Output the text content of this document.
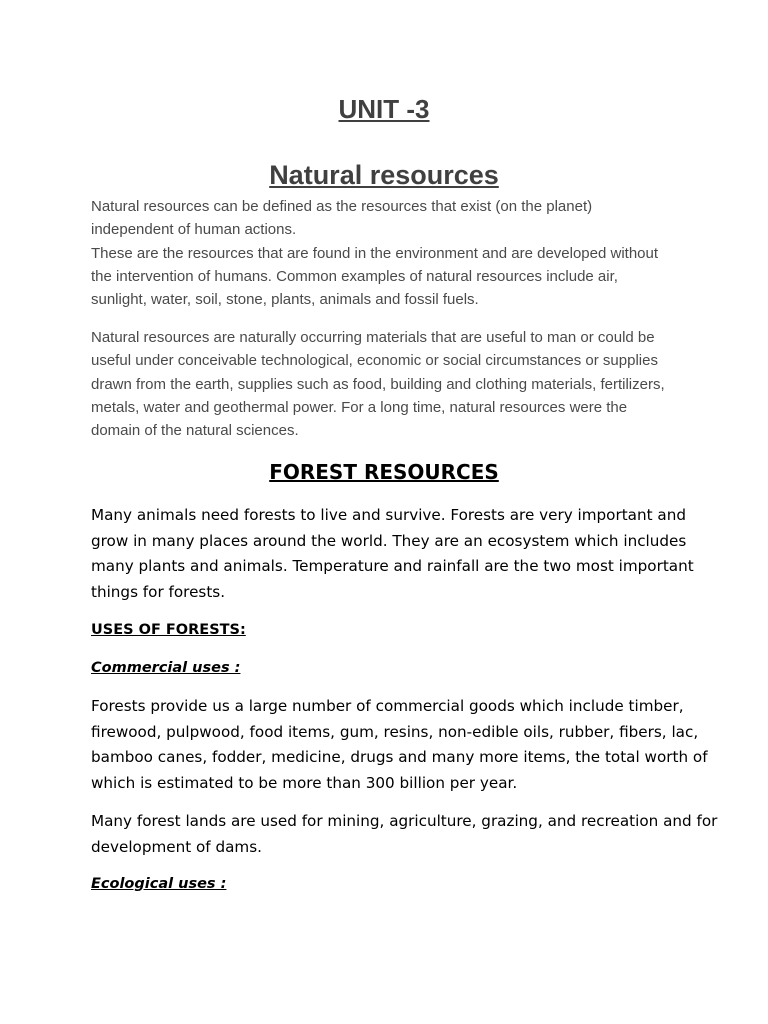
UNIT -3
Natural resources

Natural resources can be defined as the resources that exist (on the planet)
independent of human actions.
These are the resources that are found in the environment and are developed without
the intervention of humans. Common examples of natural resources include air,
sunlight, water, soil, stone, plants, animals and fossil fuels.

Natural resources are naturally occurring materials that are useful to man or could be
useful under conceivable technological, economic or social circumstances or supplies
drawn from the earth, supplies such as food, building and clothing materials, fertilizers,
metals, water and geothermal power. For a long time, natural resources were the
domain of the natural sciences.

FOREST RESOURCES

Many animals need forests to live and survive. Forests are very important and
grow in many places around the world. They are an ecosystem which includes
many plants and animals. Temperature and rainfall are the two most important
things for forests.

USES OF FORESTS:

Commercial uses :

Forests provide us a large number of commercial goods which include timber,
firewood, pulpwood, food items, gum, resins, non-edible oils, rubber, fibers, lac,
bamboo canes, fodder, medicine, drugs and many more items, the total worth of
which is estimated to be more than 300 billion per year.

Many forest lands are used for mining, agriculture, grazing, and recreation and for
development of dams.

Ecological uses :
